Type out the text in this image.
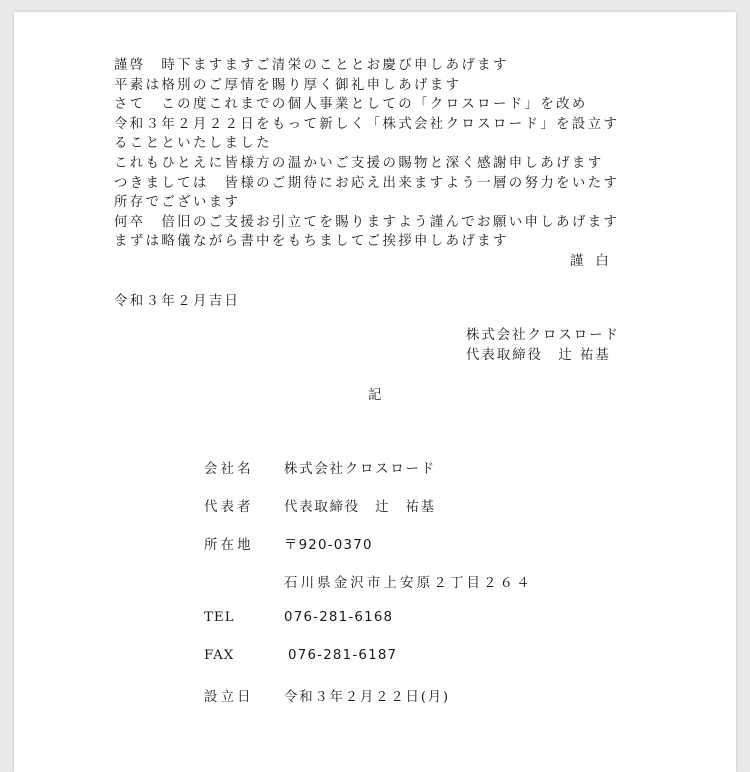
謹啓　時下ますますご清栄のこととお慶び申しあげます
平素は格別のご厚情を賜り厚く御礼申しあげます
さて　この度これまでの個人事業としての「クロスロード」を改め
令和３年２月２２日をもって新しく「株式会社クロスロード」を設立す
ることといたしました
これもひとえに皆様方の温かいご支援の賜物と深く感謝申しあげます
つきましては　皆様のご期待にお応え出来ますよう一層の努力をいたす
所存でございます
何卒　倍旧のご支援お引立てを賜りますよう謹んでお願い申しあげます
まずは略儀ながら書中をもちましてご挨拶申しあげます
謹白
令和３年２月吉日
株式会社クロスロード
代表取締役　辻 祐基
記
会社名 株式会社クロスロード
代表者 代表取締役　辻　祐基
所在地 〒920-0370
石川県金沢市上安原２丁目２６４
TEL	076-281-6168
FAX	076-281-6187
設立日 令和３年２月２２日(月)
